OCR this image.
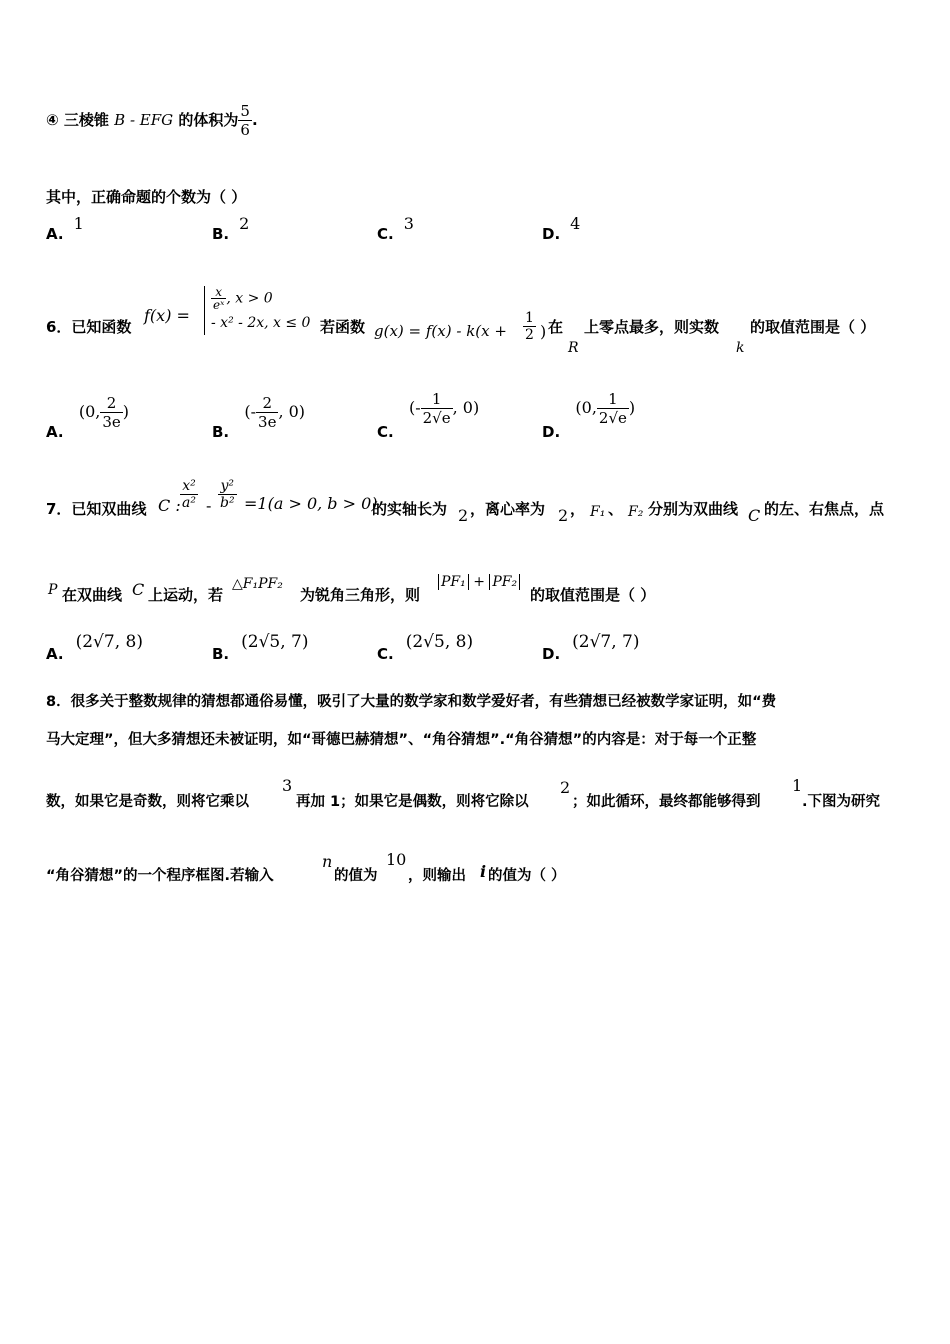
④ 三棱锥 B - EFG 的体积为 $\frac{5}{6}$ .
其中，正确命题的个数为（ ）
A.1
B.2
C.3
D.4
6．已知函数
f(x) =
$\frac{x}{\text{eˣ}}$ , x > 0
- x² - 2x, x ≤ 0 若函数 $g(x) = f(x) - k(x + \frac{1}{2}$ ) 在
R
上零点最多，则实数
k
的取值范围是（ ）
A. (0, $\frac{2}{3e}$ )
B. (- $\frac{2}{3e}$ , 0)
C. (- $\frac{1}{2√e}$ , 0)
D. (0, $\frac{1}{2√e}$ )
7．已知双曲线 C : $\frac{\text{x²}}{\text{a²}} - \frac{\text{y²}}{\text{b²}} =1(a > 0$, b > 0)
的实轴长为 2 ，离心率为 2 ， F₁ 、 F₂ 分别为双曲线 C 的左、右焦点，点
P 在双曲线 C 上运动，若
△F₁PF₂
为锐角三角形，则
PF₁ + PF₂
的取值范围是（ ）
A.(2√7, 8)
B.(2√5, 7)
C.(2√5, 8)
D.(2√7, 7)
8．很多关于整数规律的猜想都通俗易懂，吸引了大量的数学家和数学爱好者，有些猜想已经被数学家证明，如“费
马大定理”，但大多猜想还未被证明，如“哥德巴赫猜想”、“角谷猜想”.“角谷猜想”的内容是：对于每一个正整
数，如果它是奇数，则将它乘以
3
再加 1；如果它是偶数，则将它除以
2
；如此循环，最终都能够得到
1
.下图为研究
“角谷猜想”的一个程序框图.若输入
n
的值为
10
，则输出 i 的值为（ ）
